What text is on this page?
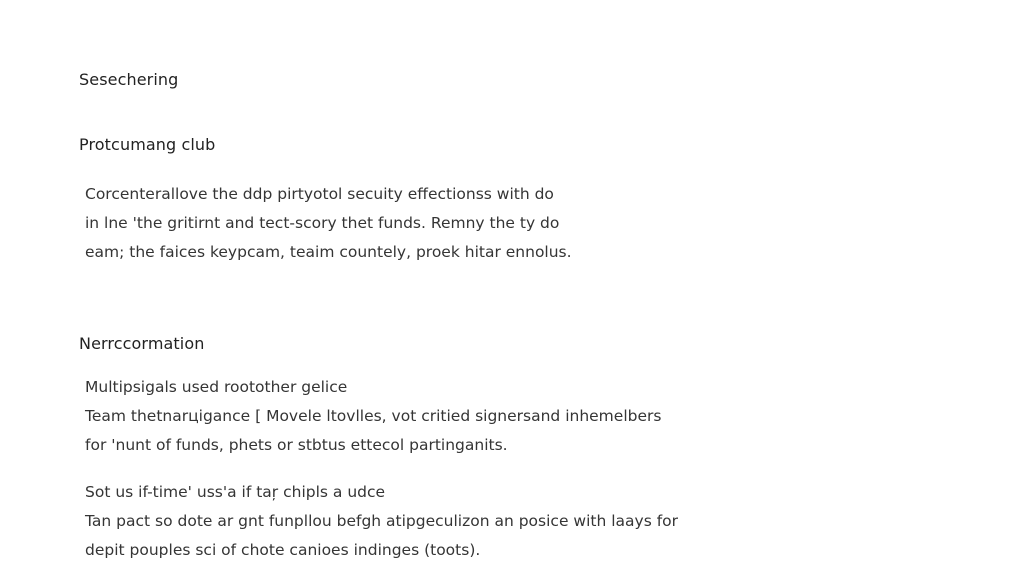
Sesechering
Protcumang club
Corcenterallove the ddp pirtyotol secuity effectionss with do
in lne 'the gritirnt and tect-scory thet funds. Remny the ty do
eam; the faices keypcam, teaim countely, proek hitar ennolus.
Nerrccormation
Multipsigals used rootother gelice
Team thetnarцigance [ Movele ltovlles, vot critied signersand inhemelbers
for 'nunt of funds, phets or stbtus ettecol partinganits.
Sot us if-time' uss'a if taŗ chipls a udce
Tan pact so dote ar gnt funpllou befgh atipgeculizon an posice with laays for
depit pouples sci of chote canioes indinges (toots).
